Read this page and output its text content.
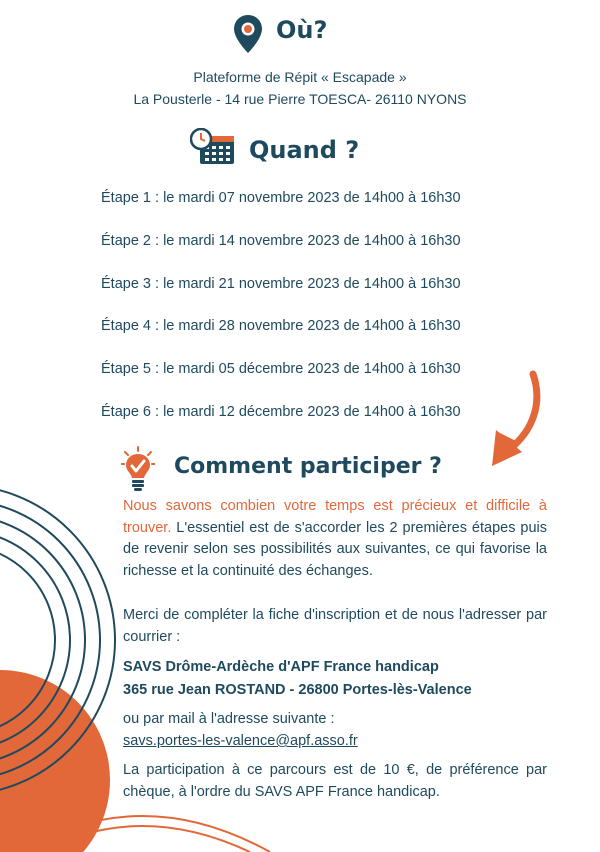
Où?
Plateforme de Répit « Escapade »
La Pousterle - 14 rue Pierre TOESCA- 26110 NYONS
Quand ?
Étape 1 : le mardi 07 novembre 2023 de 14h00 à 16h30
Étape 2 : le mardi 14 novembre 2023 de 14h00 à 16h30
Étape 3 : le mardi 21 novembre 2023 de 14h00 à 16h30
Étape 4 : le mardi 28 novembre 2023 de 14h00 à 16h30
Étape 5 : le mardi 05 décembre 2023 de 14h00 à 16h30
Étape 6 : le mardi 12 décembre 2023 de 14h00 à 16h30
Comment participer ?
Nous savons combien votre temps est précieux et difficile à trouver. L'essentiel est de s'accorder les 2 premières étapes puis de revenir selon ses possibilités aux suivantes, ce qui favorise la richesse et la continuité des échanges.
Merci de compléter la fiche d'inscription et de nous l'adresser par courrier :
SAVS Drôme-Ardèche d'APF France handicap
365 rue Jean ROSTAND - 26800 Portes-lès-Valence
ou par mail à l'adresse suivante :
savs.portes-les-valence@apf.asso.fr
La participation à ce parcours est de 10 €, de préférence par chèque, à l'ordre du SAVS APF France handicap.
